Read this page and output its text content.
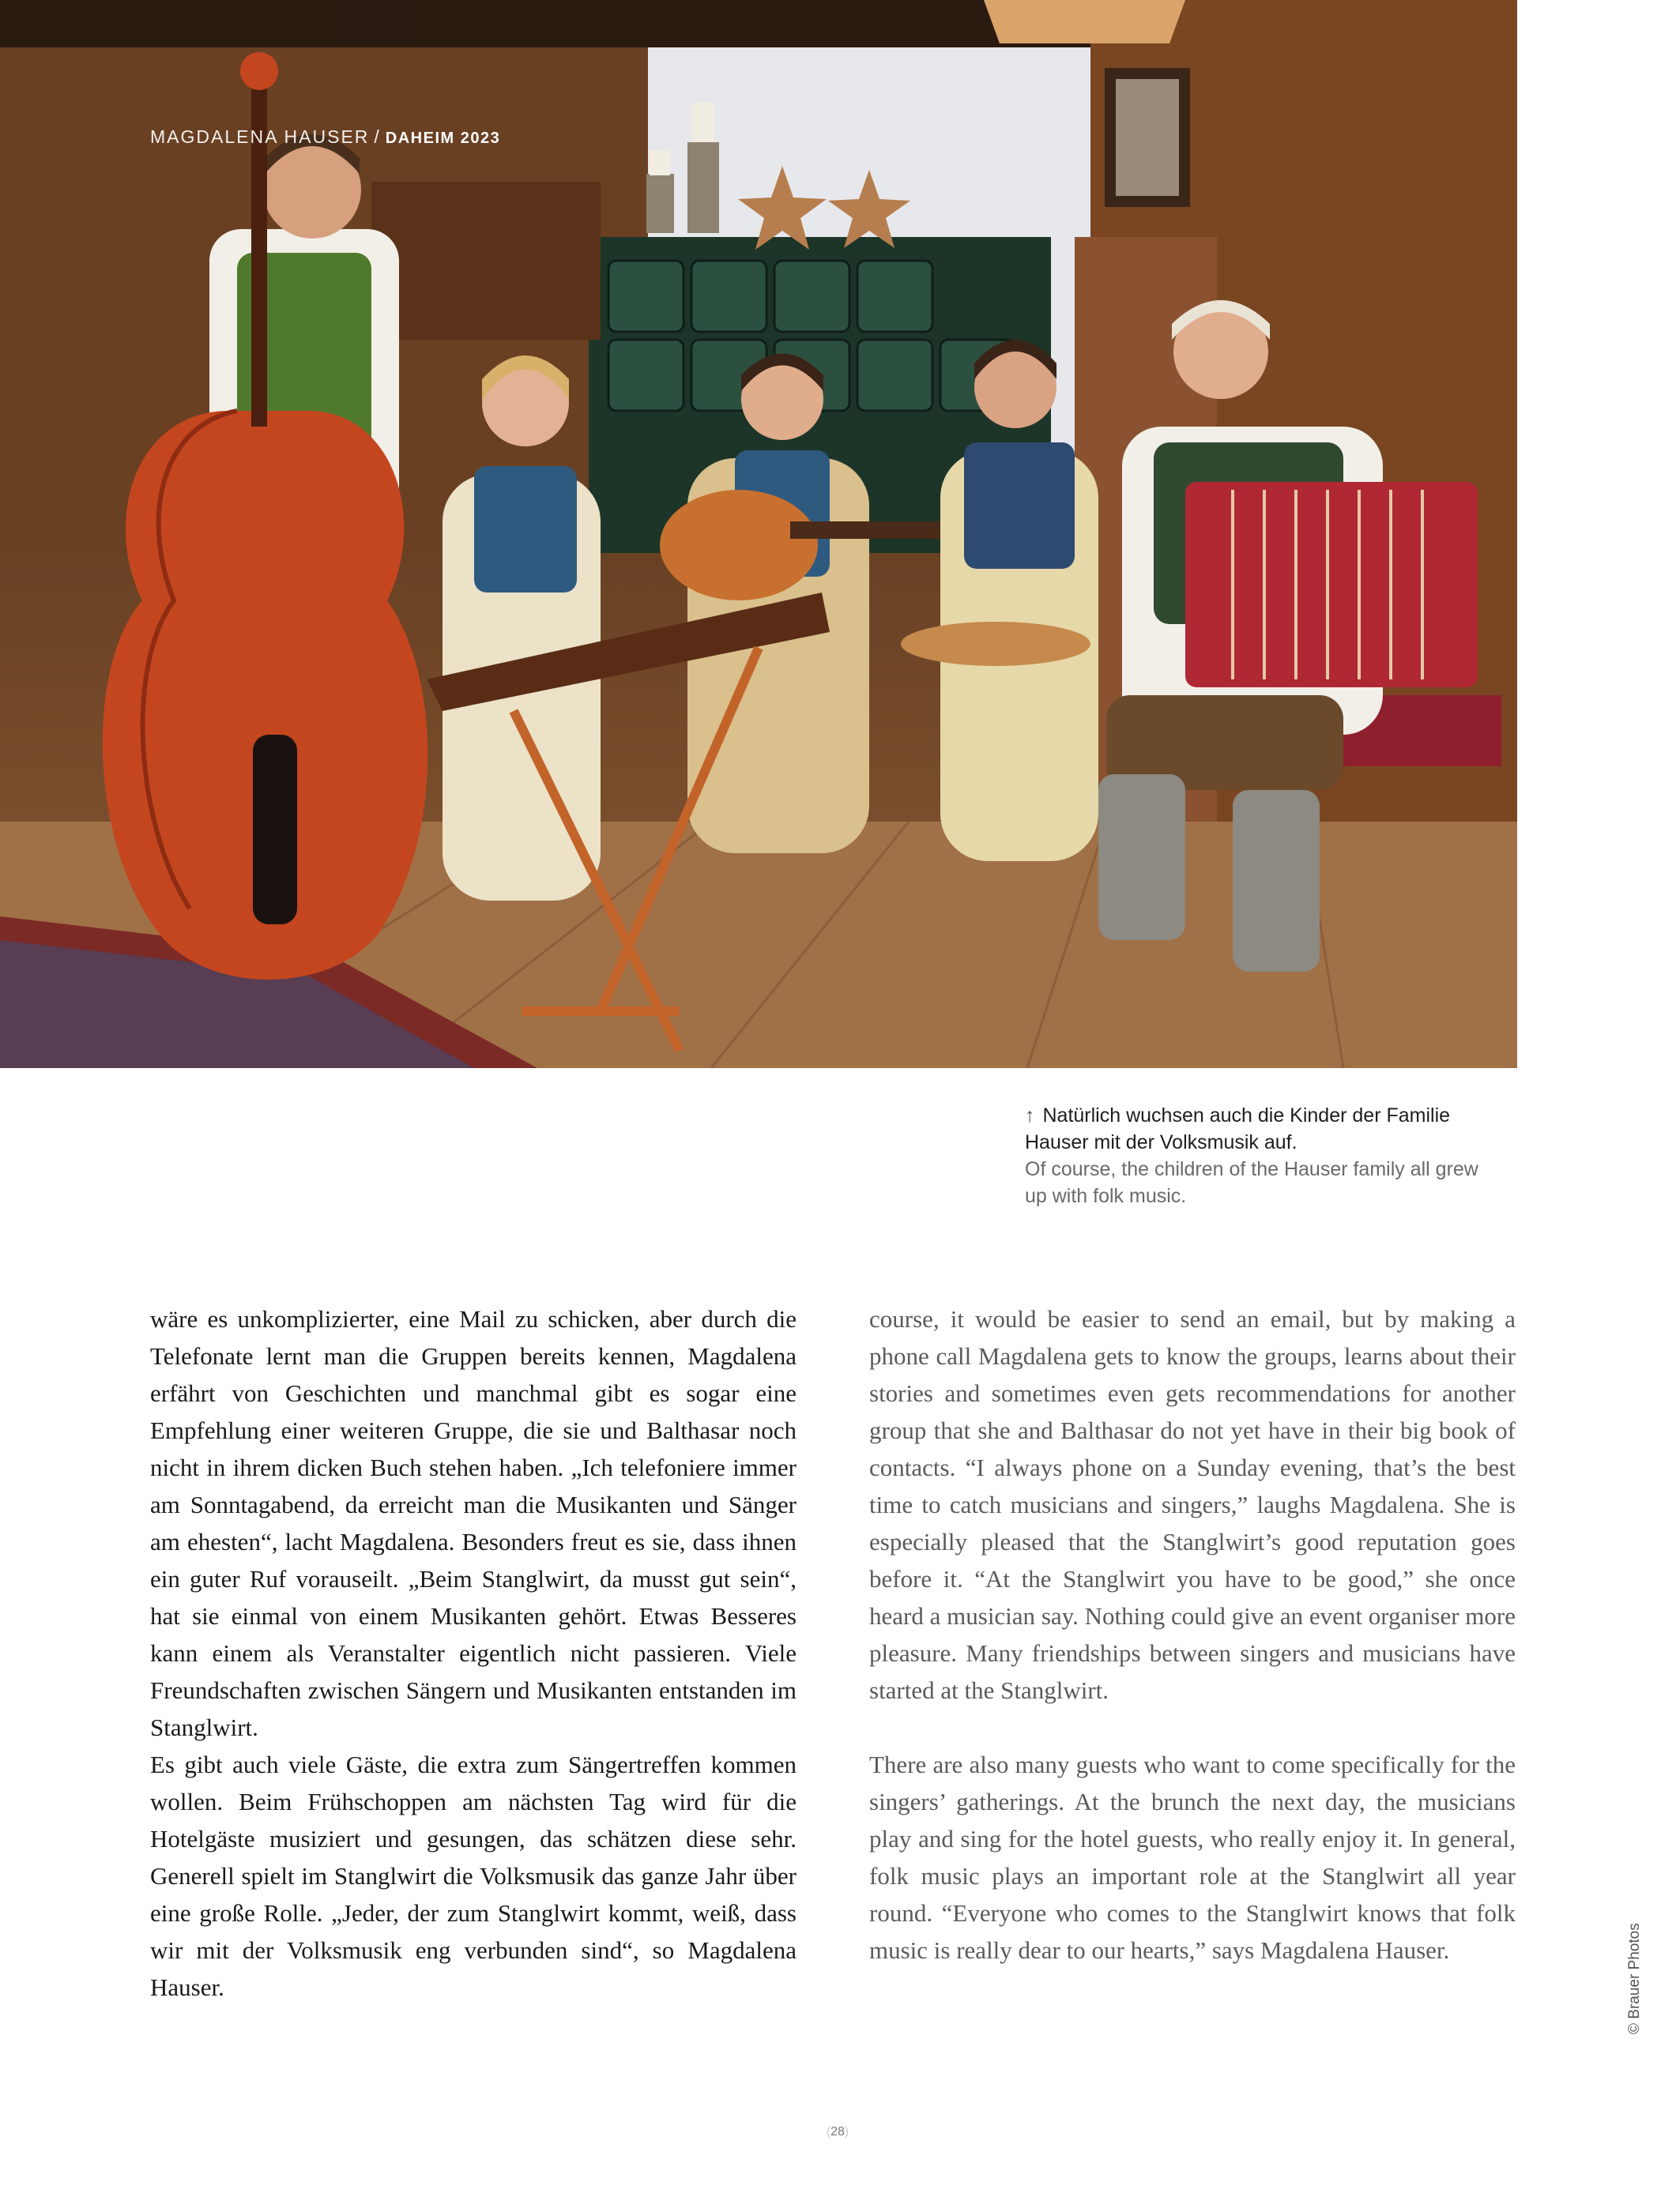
MAGDALENA HAUSER / DAHEIM 2023
↑ Natürlich wuchsen auch die Kinder der Familie Hauser mit der Volksmusik auf.
Of course, the children of the Hauser family all grew up with folk music.

wäre es unkomplizierter, eine Mail zu schicken, aber durch die Telefonate lernt man die Gruppen bereits kennen, Magdalena erfährt von Geschichten und manchmal gibt es sogar eine Empfehlung einer weiteren Gruppe, die sie und Balthasar noch nicht in ihrem dicken Buch stehen haben. „Ich telefoniere immer am Sonntagabend, da erreicht man die Musikanten und Sänger am ehesten“, lacht Magdalena. Besonders freut es sie, dass ihnen ein guter Ruf vorauseilt. „Beim Stanglwirt, da musst gut sein“, hat sie einmal von einem Musikanten gehört. Etwas Besseres kann einem als Veranstalter eigentlich nicht passieren. Viele Freundschaften zwischen Sängern und Musikanten entstanden im Stanglwirt.

Es gibt auch viele Gäste, die extra zum Sängertreffen kommen wollen. Beim Frühschoppen am nächsten Tag wird für die Hotelgäste musiziert und gesungen, das schätzen diese sehr. Generell spielt im Stanglwirt die Volksmusik das ganze Jahr über eine große Rolle. „Jeder, der zum Stanglwirt kommt, weiß, dass wir mit der Volksmusik eng verbunden sind“, so Magdalena Hauser.

course, it would be easier to send an email, but by making a phone call Magdalena gets to know the groups, learns about their stories and sometimes even gets recommendations for another group that she and Balthasar do not yet have in their big book of contacts. “I always phone on a Sunday evening, that’s the best time to catch musicians and singers,” laughs Magdalena. She is especially pleased that the Stanglwirt’s good reputation goes before it. “At the Stanglwirt you have to be good,” she once heard a musician say. Nothing could give an event organiser more pleasure. Many friendships between singers and musicians have started at the Stanglwirt.

There are also many guests who want to come specifically for the singers’ gatherings. At the brunch the next day, the musicians play and sing for the hotel guests, who really enjoy it. In general, folk music plays an important role at the Stanglwirt all year round. “Everyone who comes to the Stanglwirt knows that folk music is really dear to our hearts,” says Magdalena Hauser.	© Brauer Photos
(28)
